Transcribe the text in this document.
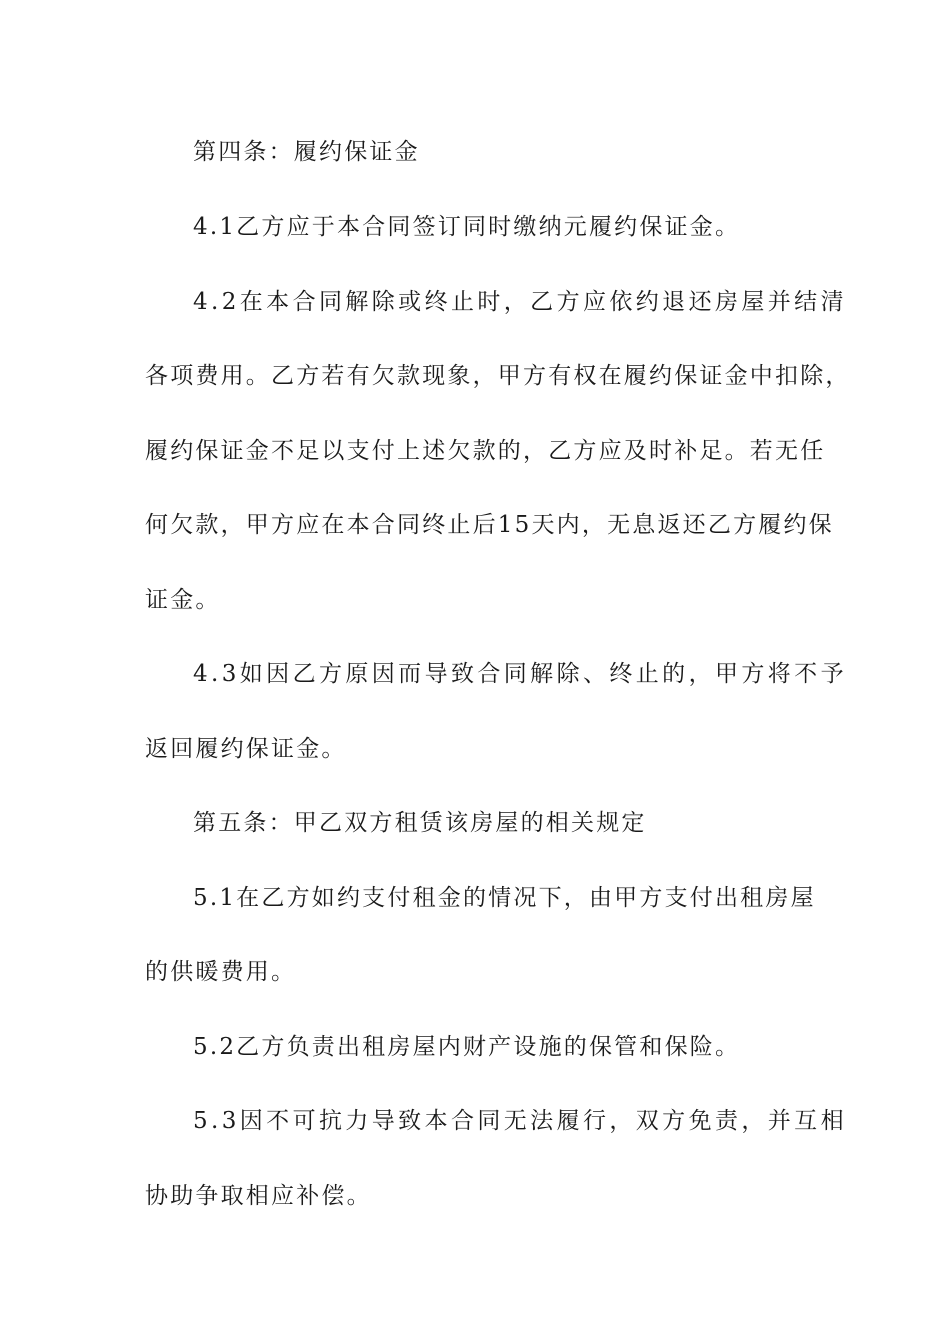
第四条：履约保证金
4.1乙方应于本合同签订同时缴纳元履约保证金。
4.2在本合同解除或终止时，乙方应依约退还房屋并结清
各项费用。乙方若有欠款现象，甲方有权在履约保证金中扣除，
履约保证金不足以支付上述欠款的，乙方应及时补足。若无任
何欠款，甲方应在本合同终止后15天内，无息返还乙方履约保
证金。
4.3如因乙方原因而导致合同解除、终止的，甲方将不予
返回履约保证金。
第五条：甲乙双方租赁该房屋的相关规定
5.1在乙方如约支付租金的情况下，由甲方支付出租房屋
的供暖费用。
5.2乙方负责出租房屋内财产设施的保管和保险。
5.3因不可抗力导致本合同无法履行，双方免责，并互相
协助争取相应补偿。
